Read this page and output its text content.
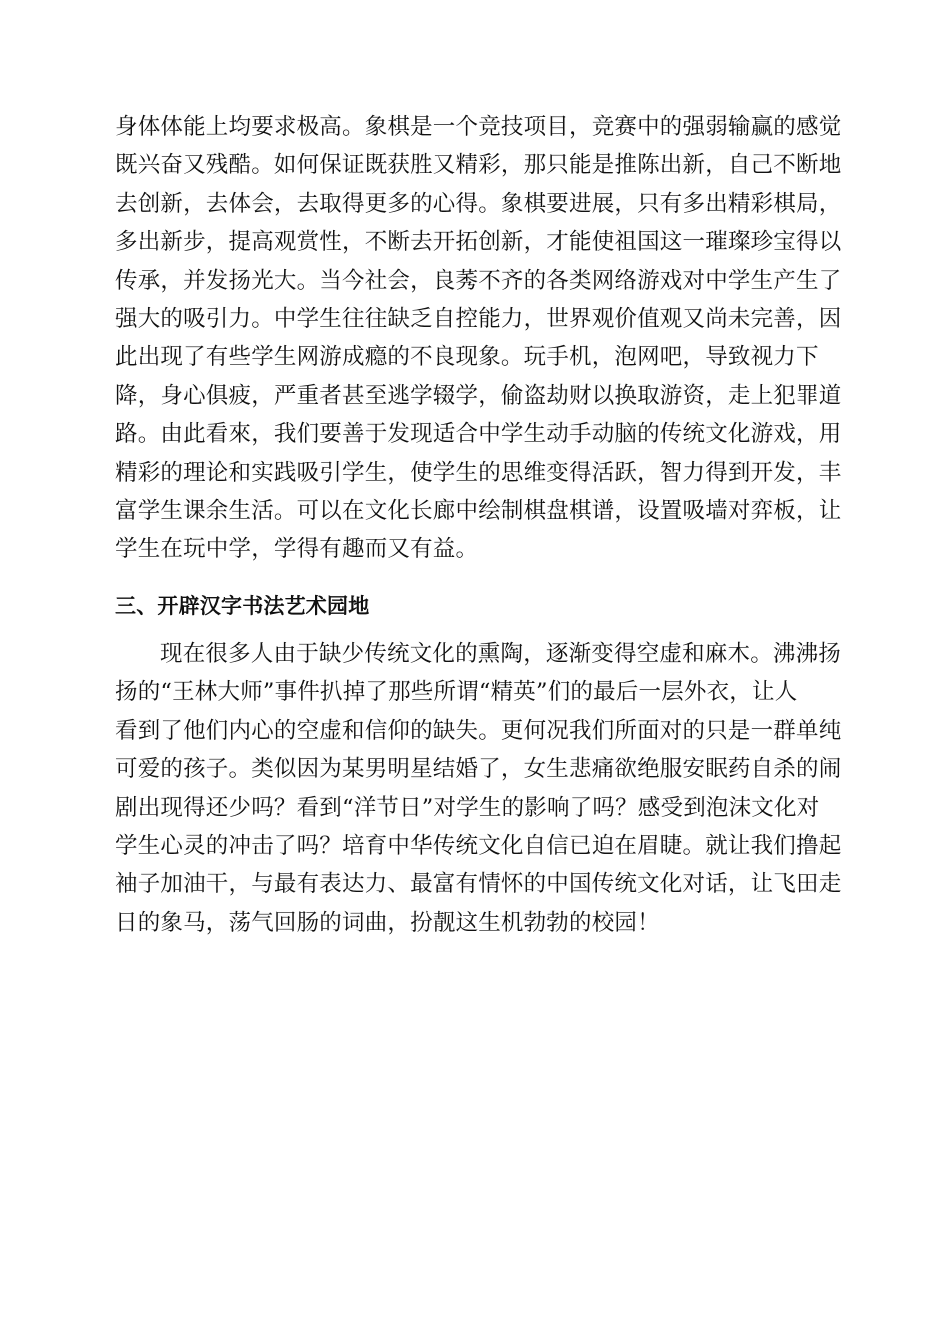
身体体能上均要求极高。象棋是一个竞技项目，竞赛中的强弱输赢的感觉
既兴奋又残酷。如何保证既获胜又精彩，那只能是推陈出新，自己不断地
去创新，去体会，去取得更多的心得。象棋要进展，只有多出精彩棋局，
多出新步，提高观赏性，不断去开拓创新，才能使祖国这一璀璨珍宝得以
传承，并发扬光大。当今社会，良莠不齐的各类网络游戏对中学生产生了
强大的吸引力。中学生往往缺乏自控能力，世界观价值观又尚未完善，因
此出现了有些学生网游成瘾的不良现象。玩手机，泡网吧，导致视力下
降，身心俱疲，严重者甚至逃学辍学，偷盗劫财以换取游资，走上犯罪道
路。由此看來，我们要善于发现适合中学生动手动脑的传统文化游戏，用
精彩的理论和实践吸引学生，使学生的思维变得活跃，智力得到开发，丰
富学生课余生活。可以在文化长廊中绘制棋盘棋谱，设置吸墙对弈板，让
学生在玩中学，学得有趣而又有益。
三、开辟汉字书法艺术园地
现在很多人由于缺少传统文化的熏陶，逐渐变得空虚和麻木。沸沸扬
扬的“王林大师”事件扒掉了那些所谓“精英”们的最后一层外衣，让人
看到了他们内心的空虚和信仰的缺失。更何况我们所面对的只是一群单纯
可爱的孩子。类似因为某男明星结婚了，女生悲痛欲绝服安眠药自杀的闹
剧出现得还少吗？看到“洋节日”对学生的影响了吗？感受到泡沫文化对
学生心灵的冲击了吗？培育中华传统文化自信已迫在眉睫。就让我们撸起
袖子加油干，与最有表达力、最富有情怀的中国传统文化对话，让飞田走
日的象马，荡气回肠的词曲，扮靓这生机勃勃的校园！
